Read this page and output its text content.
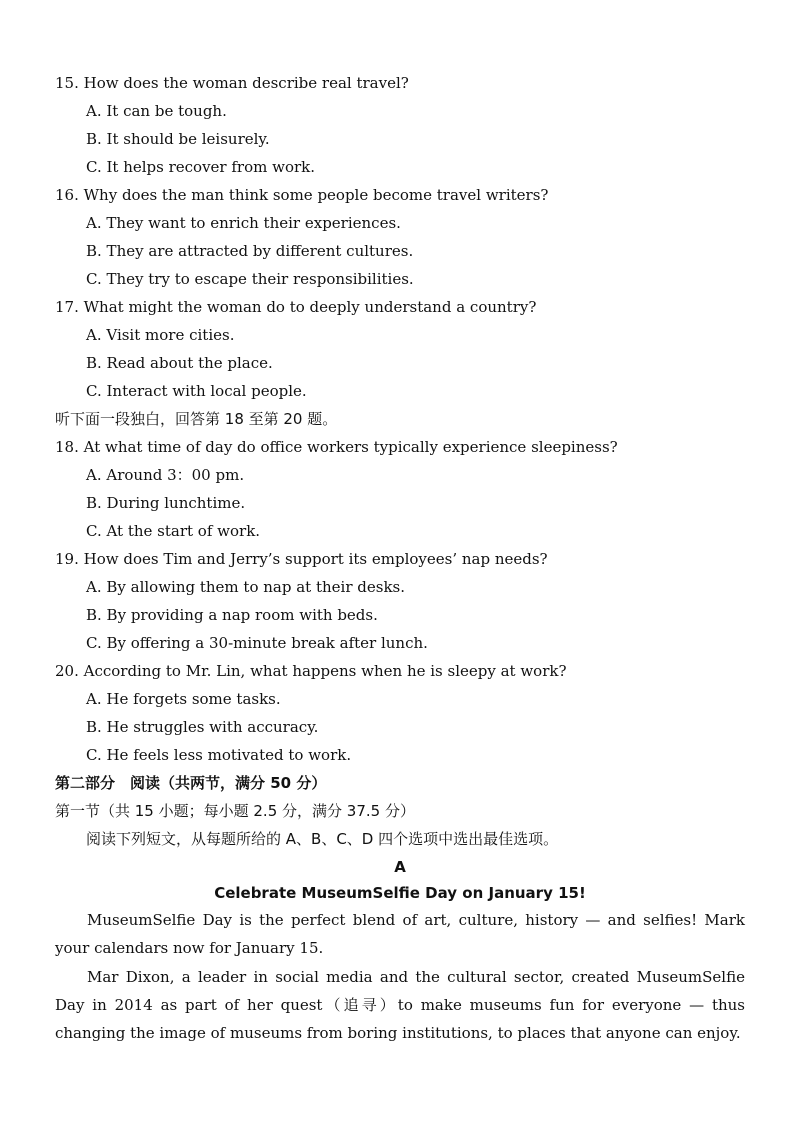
15. How does the woman describe real travel?
A. It can be tough.
B. It should be leisurely.
C. It helps recover from work.
16. Why does the man think some people become travel writers?
A. They want to enrich their experiences.
B. They are attracted by different cultures.
C. They try to escape their responsibilities.
17. What might the woman do to deeply understand a country?
A. Visit more cities.
B. Read about the place.
C. Interact with local people.
听下面一段独白，回答第 18 至第 20 题。
18. At what time of day do office workers typically experience sleepiness?
A. Around 3：00 pm.
B. During lunchtime.
C. At the start of work.
19. How does Tim and Jerry’s support its employees’ nap needs?
A. By allowing them to nap at their desks.
B. By providing a nap room with beds.
C. By offering a 30-minute break after lunch.
20. According to Mr. Lin, what happens when he is sleepy at work?
A. He forgets some tasks.
B. He struggles with accuracy.
C. He feels less motivated to work.
第二部分　阅读（共两节，满分 50 分）
第一节（共 15 小题；每小题 2.5 分，满分 37.5 分）
阅读下列短文，从每题所给的 A、B、C、D 四个选项中选出最佳选项。
A
Celebrate MuseumSelfie Day on January 15!
MuseumSelfie Day is the perfect blend of art, culture, history — and selfies! Mark your calendars now for January 15.
Mar Dixon, a leader in social media and the cultural sector, created MuseumSelfie Day in 2014 as part of her quest（追寻）to make museums fun for everyone — thus changing the image of museums from boring institutions, to places that anyone can enjoy.
